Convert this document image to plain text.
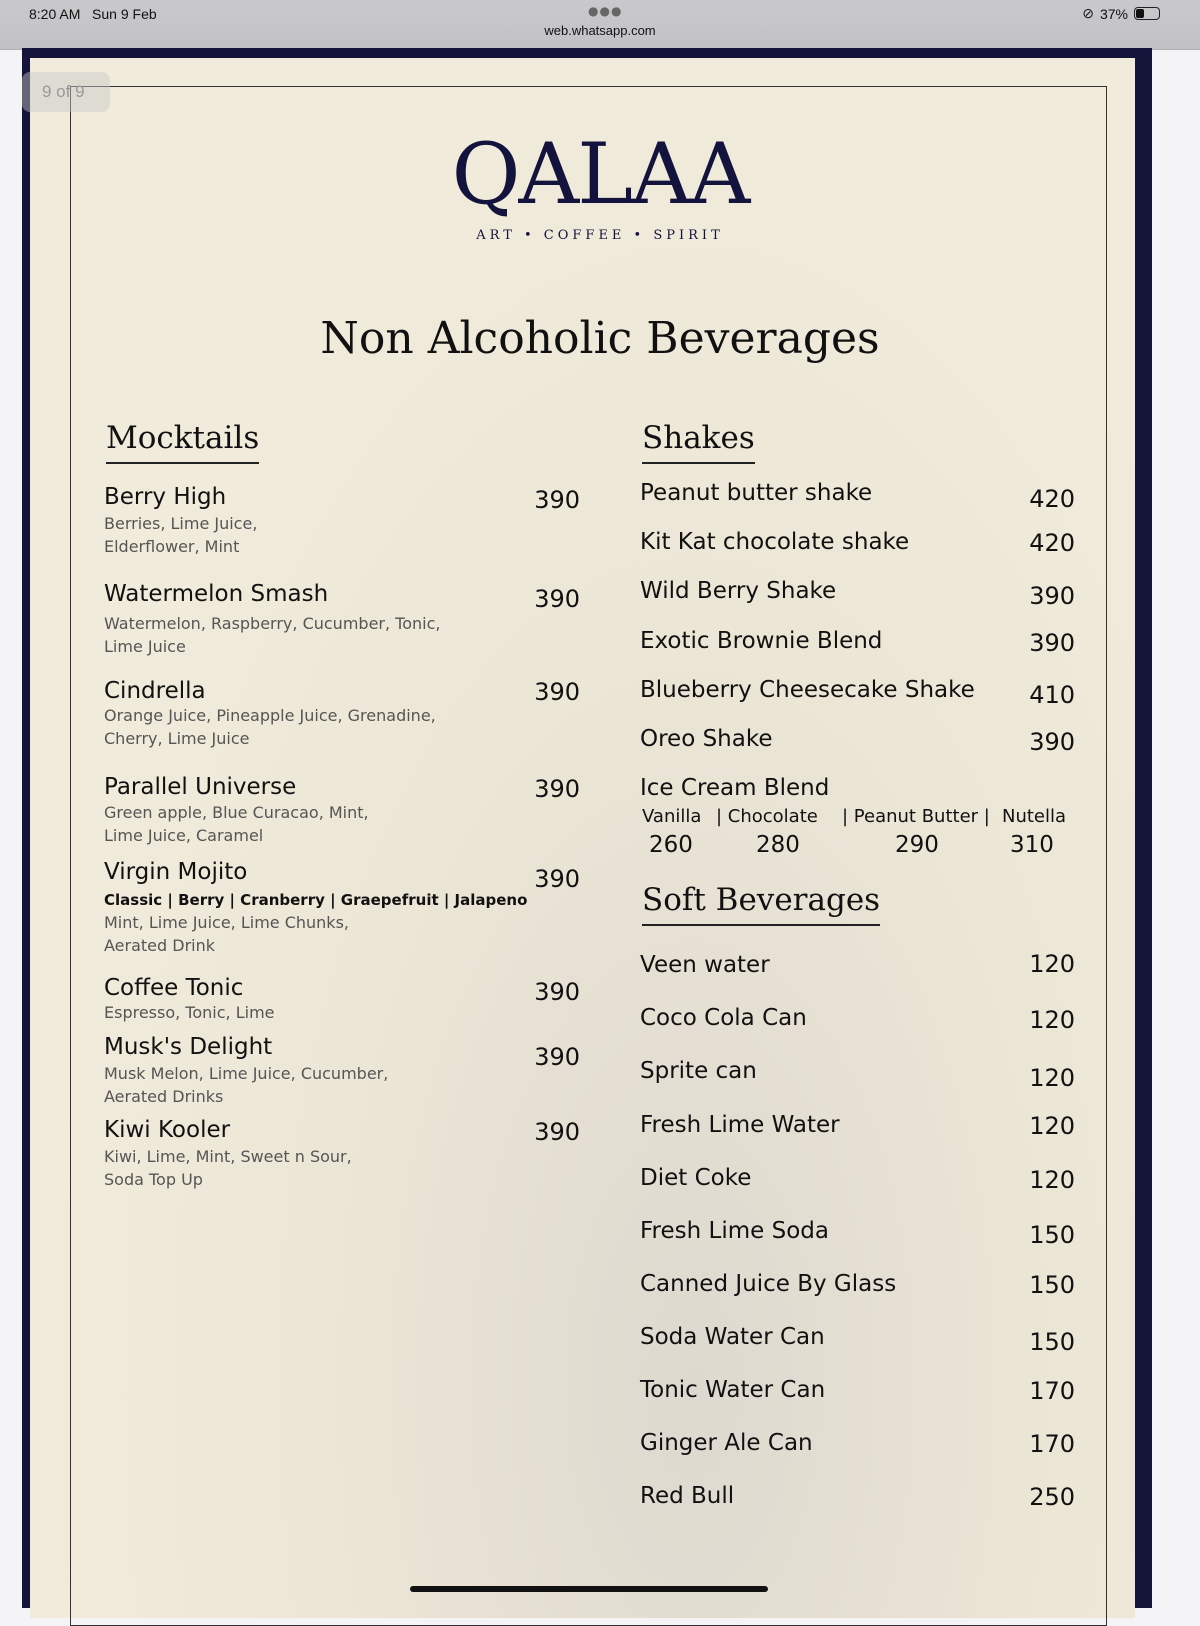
8:20 AM Sun 9 Feb	●●●
web.whatsapp.com
⊘ 37%
9 of 9
QALAA
ART • COFFEE • SPIRIT
Non Alcoholic Beverages
Mocktails
Berry High	390
Berries, Lime Juice,
Elderflower, Mint
Watermelon Smash	390
Watermelon, Raspberry, Cucumber, Tonic,
Lime Juice
Cindrella	390
Orange Juice, Pineapple Juice, Grenadine,
Cherry, Lime Juice
Parallel Universe	390
Green apple, Blue Curacao, Mint,
Lime Juice, Caramel
Virgin Mojito	390
Classic | Berry | Cranberry | Graepefruit | Jalapeno
Mint, Lime Juice, Lime Chunks,
Aerated Drink
Coffee Tonic	390
Espresso, Tonic, Lime
Musk's Delight	390
Musk Melon, Lime Juice, Cucumber,
Aerated Drinks
Kiwi Kooler	390
Kiwi, Lime, Mint, Sweet n Sour,
Soda Top Up
Shakes
Peanut butter shake	420
Kit Kat chocolate shake	420
Wild Berry Shake	390
Exotic Brownie Blend	390
Blueberry Cheesecake Shake	410
Oreo Shake	390
Ice Cream Blend
Vanilla | Chocolate | Peanut Butter | Nutella
260	280	290	310
Soft Beverages
Veen water	120
Coco Cola Can	120
Sprite can	120
Fresh Lime Water	120
Diet Coke	120
Fresh Lime Soda	150
Canned Juice By Glass	150
Soda Water Can	150
Tonic Water Can	170
Ginger Ale Can	170
Red Bull	250
